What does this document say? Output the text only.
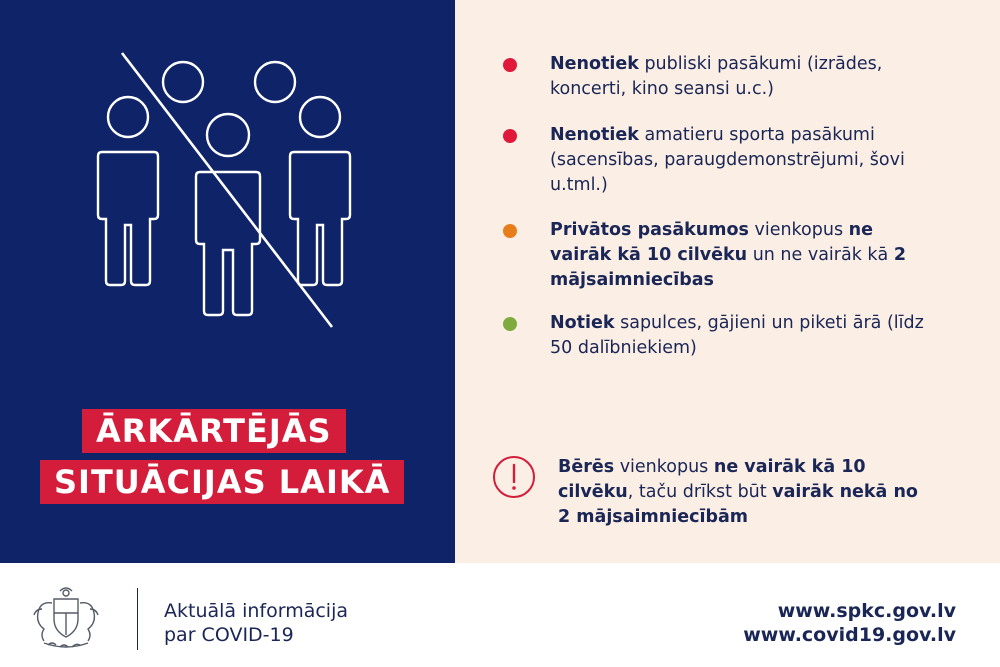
ĀRKĀRTĒJĀS
SITUĀCIJAS LAIKĀ
Nenotiek publiski pasākumi (izrādes, koncerti, kino seansi u.c.)
Nenotiek amatieru sporta pasākumi (sacensības, paraugdemonstrējumi, šovi u.tml.)
Privātos pasākumos vienkopus ne vairāk kā 10 cilvēku un ne vairāk kā 2 mājsaimniecības
Notiek sapulces, gājieni un piketi ārā (līdz 50 dalībniekiem)
Bērēs vienkopus ne vairāk kā 10 cilvēku, taču drīkst būt vairāk nekā no 2 mājsaimniecībām
Aktuālā informācija
par COVID-19
www.spkc.gov.lv
www.covid19.gov.lv
